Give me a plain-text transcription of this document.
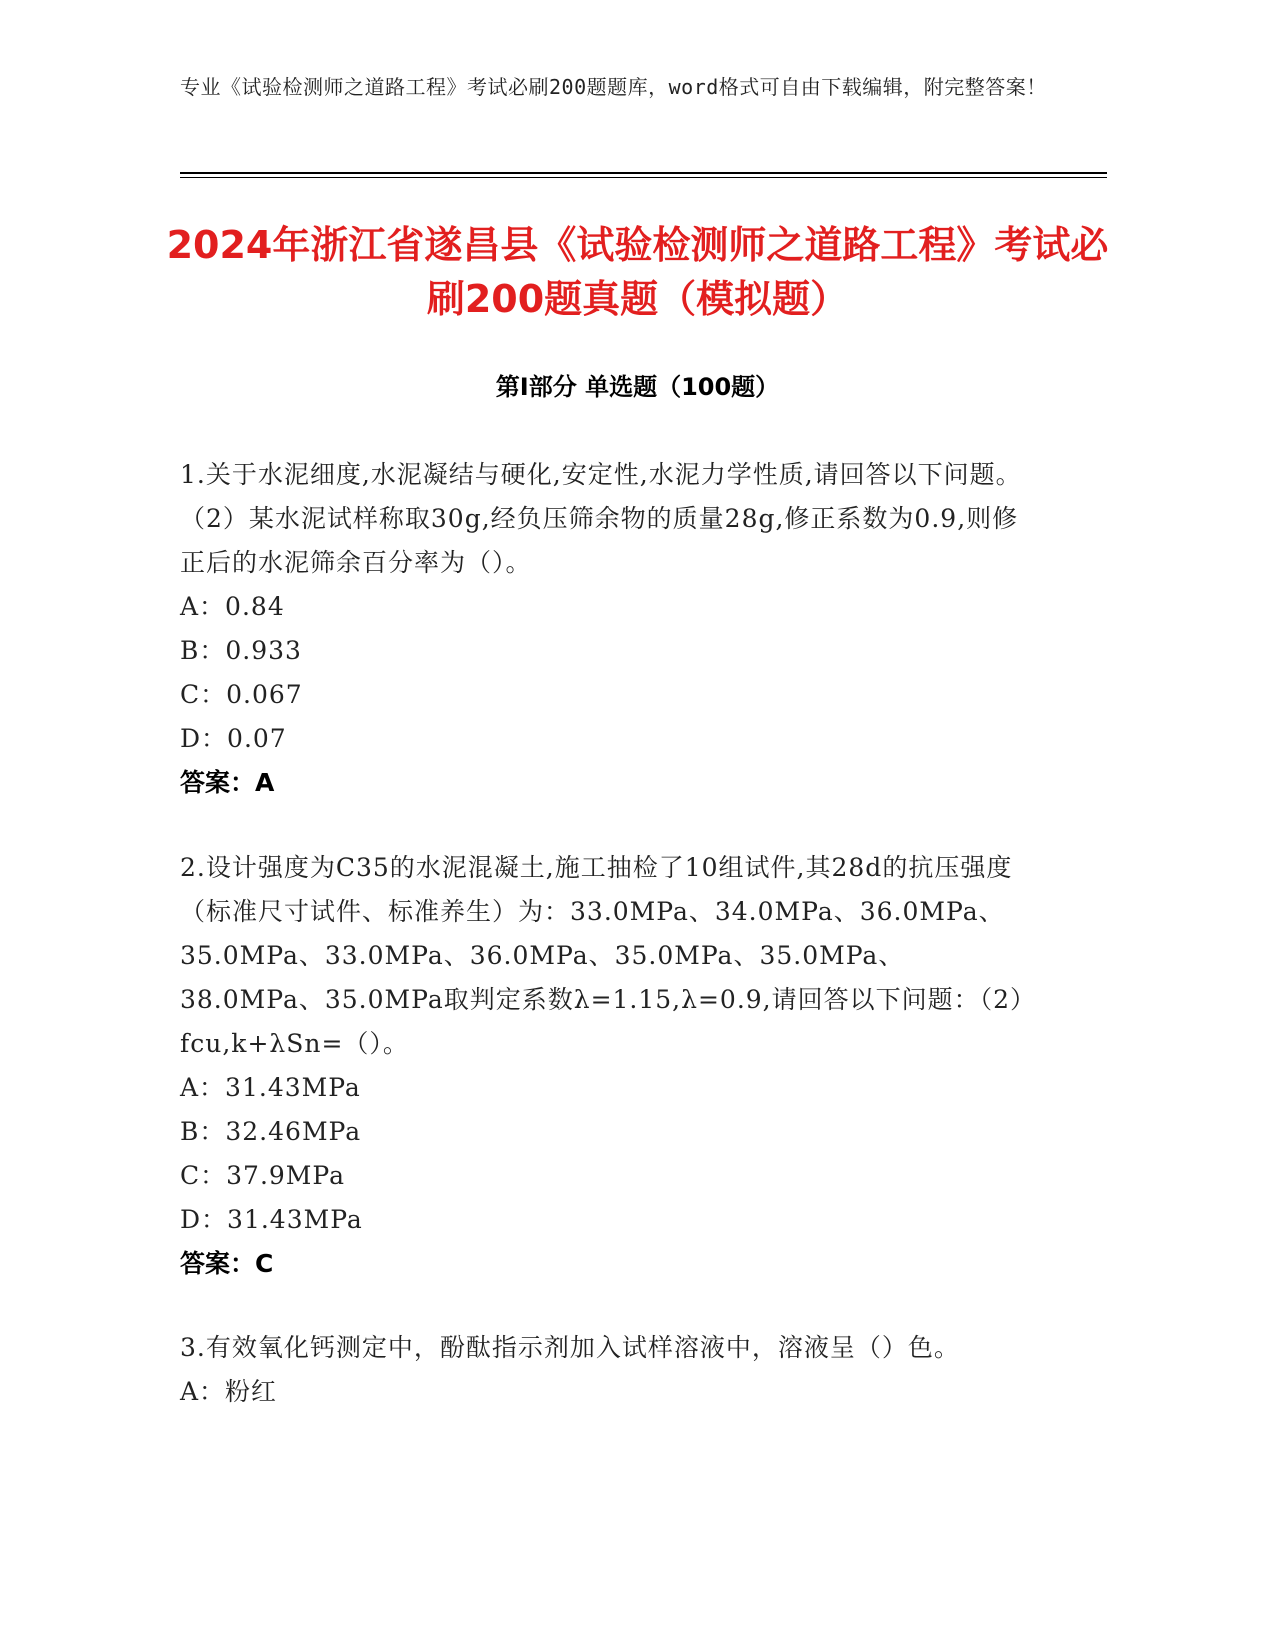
专业《试验检测师之道路工程》考试必刷200题题库，word格式可自由下载编辑，附完整答案！
2024年浙江省遂昌县《试验检测师之道路工程》考试必刷200题真题（模拟题）
第I部分 单选题（100题）
1.关于水泥细度,水泥凝结与硬化,安定性,水泥力学性质,请回答以下问题。（2）某水泥试样称取30g,经负压筛余物的质量28g,修正系数为0.9,则修正后的水泥筛余百分率为（）。
A：0.84
B：0.933
C：0.067
D：0.07
答案：A
2.设计强度为C35的水泥混凝土,施工抽检了10组试件,其28d的抗压强度（标准尺寸试件、标准养生）为：33.0MPa、34.0MPa、36.0MPa、35.0MPa、33.0MPa、36.0MPa、35.0MPa、35.0MPa、38.0MPa、35.0MPa取判定系数λ=1.15,λ=0.9,请回答以下问题：（2）fcu,k+λSn=（）。
A：31.43MPa
B：32.46MPa
C：37.9MPa
D：31.43MPa
答案：C
3.有效氧化钙测定中，酚酞指示剂加入试样溶液中，溶液呈（）色。
A：粉红
